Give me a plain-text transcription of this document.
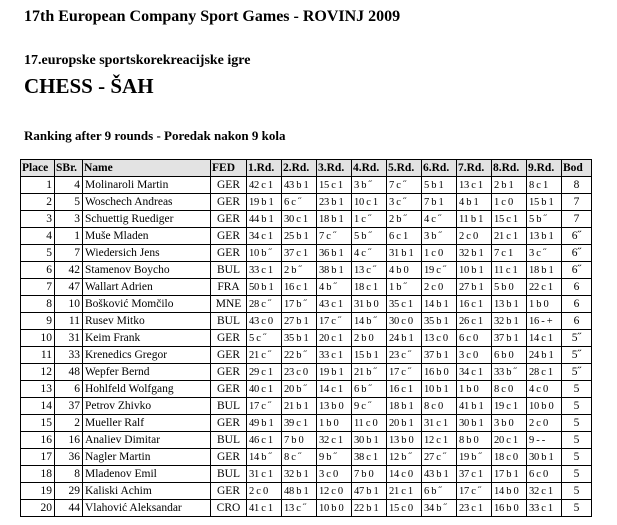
17th European Company Sport Games - ROVINJ 2009
17.europske sportskorekreacijske igre
CHESS - ŠAH
Ranking after 9 rounds - Poredak nakon 9 kola
Place	SBr.	Name	FED	1.Rd.	2.Rd.	3.Rd.	4.Rd.	5.Rd.	6.Rd.	7.Rd.	8.Rd.	9.Rd.	Bod
1	4	Molinaroli Martin	GER	42 c 1	43 b 1	15 c 1	3 b ˝	7 c ˝	5 b 1	13 c 1	2 b 1	8 c 1	8
2	5	Woschech Andreas	GER	19 b 1	6 c ˝	23 b 1	10 c 1	3 c ˝	7 b 1	4 b 1	1 c 0	15 b 1	7
3	3	Schuettig Ruediger	GER	44 b 1	30 c 1	18 b 1	1 c ˝	2 b ˝	4 c ˝	11 b 1	15 c 1	5 b ˝	7
4	1	Muše Mladen	GER	34 c 1	25 b 1	7 c ˝	5 b ˝	6 c 1	3 b ˝	2 c 0	21 c 1	13 b 1	6˝
5	7	Wiedersich Jens	GER	10 b ˝	37 c 1	36 b 1	4 c ˝	31 b 1	1 c 0	32 b 1	7 c 1	3 c ˝	6˝
6	42	Stamenov Boycho	BUL	33 c 1	2 b ˝	38 b 1	13 c ˝	4 b 0	19 c ˝	10 b 1	11 c 1	18 b 1	6˝
7	47	Wallart Adrien	FRA	50 b 1	16 c 1	4 b ˝	18 c 1	1 b ˝	2 c 0	27 b 1	5 b 0	22 c 1	6
8	10	Bošković Momčilo	MNE	28 c ˝	17 b ˝	43 c 1	31 b 0	35 c 1	14 b 1	16 c 1	13 b 1	1 b 0	6
9	11	Rusev Mitko	BUL	43 c 0	27 b 1	17 c ˝	14 b ˝	30 c 0	35 b 1	26 c 1	32 b 1	16 - +	6
10	31	Keim Frank	GER	5 c ˝	35 b 1	20 c 1	2 b 0	24 b 1	13 c 0	6 c 0	37 b 1	14 c 1	5˝
11	33	Krenedics Gregor	GER	21 c ˝	22 b ˝	33 c 1	15 b 1	23 c ˝	37 b 1	3 c 0	6 b 0	24 b 1	5˝
12	48	Wepfer Bernd	GER	29 c 1	23 c 0	19 b 1	21 b ˝	17 c ˝	16 b 0	34 c 1	33 b ˝	28 c 1	5˝
13	6	Hohlfeld Wolfgang	GER	40 c 1	20 b ˝	14 c 1	6 b ˝	16 c 1	10 b 1	1 b 0	8 c 0	4 c 0	5
14	37	Petrov Zhivko	BUL	17 c ˝	21 b 1	13 b 0	9 c ˝	18 b 1	8 c 0	41 b 1	19 c 1	10 b 0	5
15	2	Mueller Ralf	GER	49 b 1	39 c 1	1 b 0	11 c 0	20 b 1	31 c 1	30 b 1	3 b 0	2 c 0	5
16	16	Analiev Dimitar	BUL	46 c 1	7 b 0	32 c 1	30 b 1	13 b 0	12 c 1	8 b 0	20 c 1	9 - -	5
17	36	Nagler Martin	GER	14 b ˝	8 c ˝	9 b ˝	38 c 1	12 b ˝	27 c ˝	19 b ˝	18 c 0	30 b 1	5
18	8	Mladenov Emil	BUL	31 c 1	32 b 1	3 c 0	7 b 0	14 c 0	43 b 1	37 c 1	17 b 1	6 c 0	5
19	29	Kaliski Achim	GER	2 c 0	48 b 1	12 c 0	47 b 1	21 c 1	6 b ˝	17 c ˝	14 b 0	32 c 1	5
20	44	Vlahović Aleksandar	CRO	41 c 1	13 c ˝	10 b 0	22 b 1	15 c 0	34 b ˝	23 c 1	16 b 0	33 c 1	5
